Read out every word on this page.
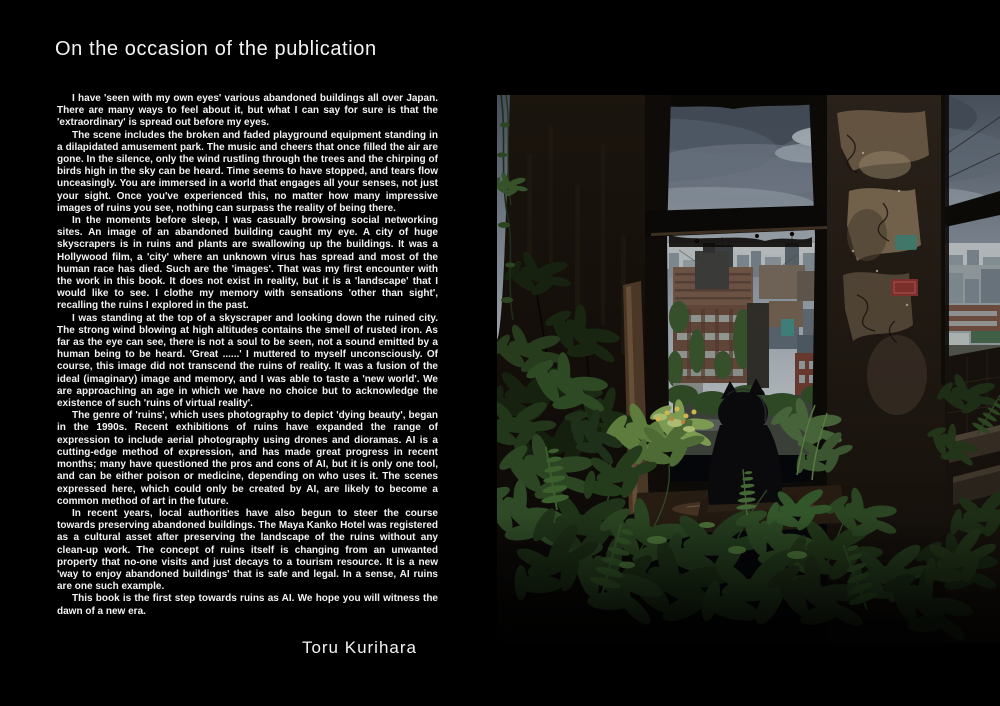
On the occasion of the publication

I have 'seen with my own eyes' various abandoned buildings all over Japan. There are many ways to feel about it, but what I can say for sure is that the 'extraordinary' is spread out before my eyes.

The scene includes the broken and faded playground equipment standing in a dilapidated amusement park. The music and cheers that once filled the air are gone. In the silence, only the wind rustling through the trees and the chirping of birds high in the sky can be heard. Time seems to have stopped, and tears flow unceasingly. You are immersed in a world that engages all your senses, not just your sight. Once you've experienced this, no matter how many impressive images of ruins you see, nothing can surpass the reality of being there.

In the moments before sleep, I was casually browsing social networking sites. An image of an abandoned building caught my eye. A city of huge skyscrapers is in ruins and plants are swallowing up the buildings. It was a Hollywood film, a 'city' where an unknown virus has spread and most of the human race has died. Such are the 'images'. That was my first encounter with the work in this book. It does not exist in reality, but it is a 'landscape' that I would like to see. I clothe my memory with sensations 'other than sight', recalling the ruins I explored in the past.

I was standing at the top of a skyscraper and looking down the ruined city. The strong wind blowing at high altitudes contains the smell of rusted iron. As far as the eye can see, there is not a soul to be seen, not a sound emitted by a human being to be heard. 'Great ......' I muttered to myself unconsciously. Of course, this image did not transcend the ruins of reality. It was a fusion of the ideal (imaginary) image and memory, and I was able to taste a 'new world'. We are approaching an age in which we have no choice but to acknowledge the existence of such 'ruins of virtual reality'.

The genre of 'ruins', which uses photography to depict 'dying beauty', began in the 1990s. Recent exhibitions of ruins have expanded the range of expression to include aerial photography using drones and dioramas. AI is a cutting-edge method of expression, and has made great progress in recent months; many have questioned the pros and cons of AI, but it is only one tool, and can be either poison or medicine, depending on who uses it. The scenes expressed here, which could only be created by AI, are likely to become a common method of art in the future.

In recent years, local authorities have also begun to steer the course towards preserving abandoned buildings. The Maya Kanko Hotel was registered as a cultural asset after preserving the landscape of the ruins without any clean-up work. The concept of ruins itself is changing from an unwanted property that no-one visits and just decays to a tourism resource. It is a new 'way to enjoy abandoned buildings' that is safe and legal. In a sense, AI ruins are one such example.

This book is the first step towards ruins as AI. We hope you will witness the dawn of a new era.

Toru Kurihara
